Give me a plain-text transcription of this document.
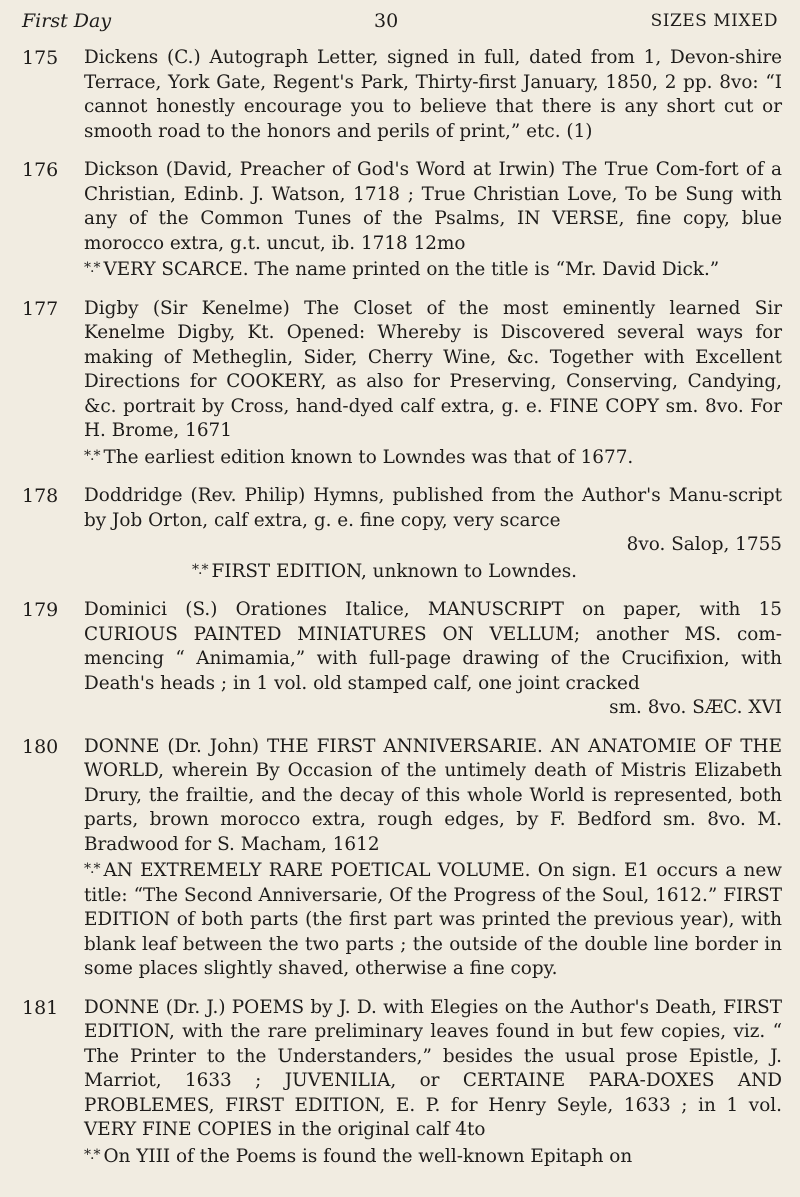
First Day	30	SIZES MIXED
175 Dickens (C.) Autograph Letter, signed in full, dated from 1, Devon-shire Terrace, York Gate, Regent's Park, Thirty-first January, 1850, 2 pp. 8vo: “I cannot honestly encourage you to believe that there is any short cut or smooth road to the honors and perils of print,” etc. (1)
176 Dickson (David, Preacher of God's Word at Irwin) The True Com-fort of a Christian, Edinb. J. Watson, 1718 ; True Christian Love, To be Sung with any of the Common Tunes of the Psalms, IN VERSE, fine copy, blue morocco extra, g.t. uncut, ib. 1718 12mo
*.* VERY SCARCE. The name printed on the title is “Mr. David Dick.”
177 Digby (Sir Kenelme) The Closet of the most eminently learned Sir Kenelme Digby, Kt. Opened: Whereby is Discovered several ways for making of Metheglin, Sider, Cherry Wine, &c. Together with Excellent Directions for COOKERY, as also for Preserving, Conserving, Candying, &c. portrait by Cross, hand-dyed calf extra, g. e. FINE COPY sm. 8vo. For H. Brome, 1671
*.* The earliest edition known to Lowndes was that of 1677.
178 Doddridge (Rev. Philip) Hymns, published from the Author's Manu-script by Job Orton, calf extra, g. e. fine copy, very scarce
8vo. Salop, 1755
*.* FIRST EDITION, unknown to Lowndes.
179 Dominici (S.) Orationes Italice, MANUSCRIPT on paper, with 15 CURIOUS PAINTED MINIATURES ON VELLUM; another MS. com-mencing “ Animamia,” with full-page drawing of the Crucifixion, with Death's heads ; in 1 vol. old stamped calf, one joint cracked
sm. 8vo. SÆC. XVI
180 DONNE (Dr. John) THE FIRST ANNIVERSARIE. AN ANATOMIE OF THE WORLD, wherein By Occasion of the untimely death of Mistris Elizabeth Drury, the frailtie, and the decay of this whole World is represented, both parts, brown morocco extra, rough edges, by F. Bedford sm. 8vo. M. Bradwood for S. Macham, 1612
*.* AN EXTREMELY RARE POETICAL VOLUME. On sign. E1 occurs a new title: “The Second Anniversarie, Of the Progress of the Soul, 1612.” FIRST EDITION of both parts (the first part was printed the previous year), with blank leaf between the two parts ; the outside of the double line border in some places slightly shaved, otherwise a fine copy.
181 DONNE (Dr. J.) POEMS by J. D. with Elegies on the Author's Death, FIRST EDITION, with the rare preliminary leaves found in but few copies, viz. “ The Printer to the Understanders,” besides the usual prose Epistle, J. Marriot, 1633 ; JUVENILIA, or CERTAINE PARA-DOXES AND PROBLEMES, FIRST EDITION, E. P. for Henry Seyle, 1633 ; in 1 vol. VERY FINE COPIES in the original calf 4to
*.* On YIII of the Poems is found the well-known Epitaph on
